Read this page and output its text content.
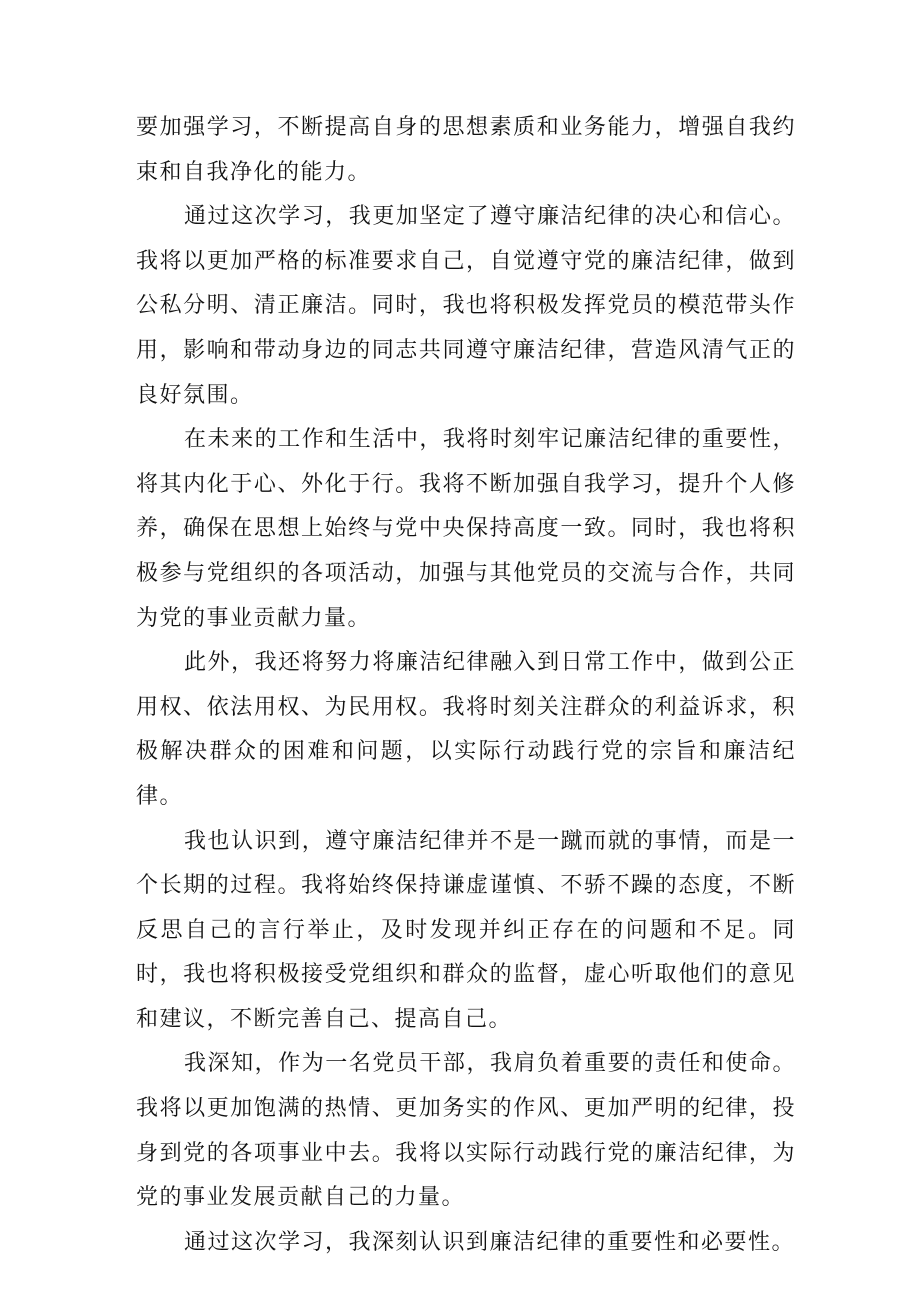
要加强学习，不断提高自身的思想素质和业务能力，增强自我约束和自我净化的能力。

通过这次学习，我更加坚定了遵守廉洁纪律的决心和信心。我将以更加严格的标准要求自己，自觉遵守党的廉洁纪律，做到公私分明、清正廉洁。同时，我也将积极发挥党员的模范带头作用，影响和带动身边的同志共同遵守廉洁纪律，营造风清气正的良好氛围。

在未来的工作和生活中，我将时刻牢记廉洁纪律的重要性，将其内化于心、外化于行。我将不断加强自我学习，提升个人修养，确保在思想上始终与党中央保持高度一致。同时，我也将积极参与党组织的各项活动，加强与其他党员的交流与合作，共同为党的事业贡献力量。

此外，我还将努力将廉洁纪律融入到日常工作中，做到公正用权、依法用权、为民用权。我将时刻关注群众的利益诉求，积极解决群众的困难和问题，以实际行动践行党的宗旨和廉洁纪律。

我也认识到，遵守廉洁纪律并不是一蹴而就的事情，而是一个长期的过程。我将始终保持谦虚谨慎、不骄不躁的态度，不断反思自己的言行举止，及时发现并纠正存在的问题和不足。同时，我也将积极接受党组织和群众的监督，虚心听取他们的意见和建议，不断完善自己、提高自己。

我深知，作为一名党员干部，我肩负着重要的责任和使命。我将以更加饱满的热情、更加务实的作风、更加严明的纪律，投身到党的各项事业中去。我将以实际行动践行党的廉洁纪律，为党的事业发展贡献自己的力量。

通过这次学习，我深刻认识到廉洁纪律的重要性和必要性。
